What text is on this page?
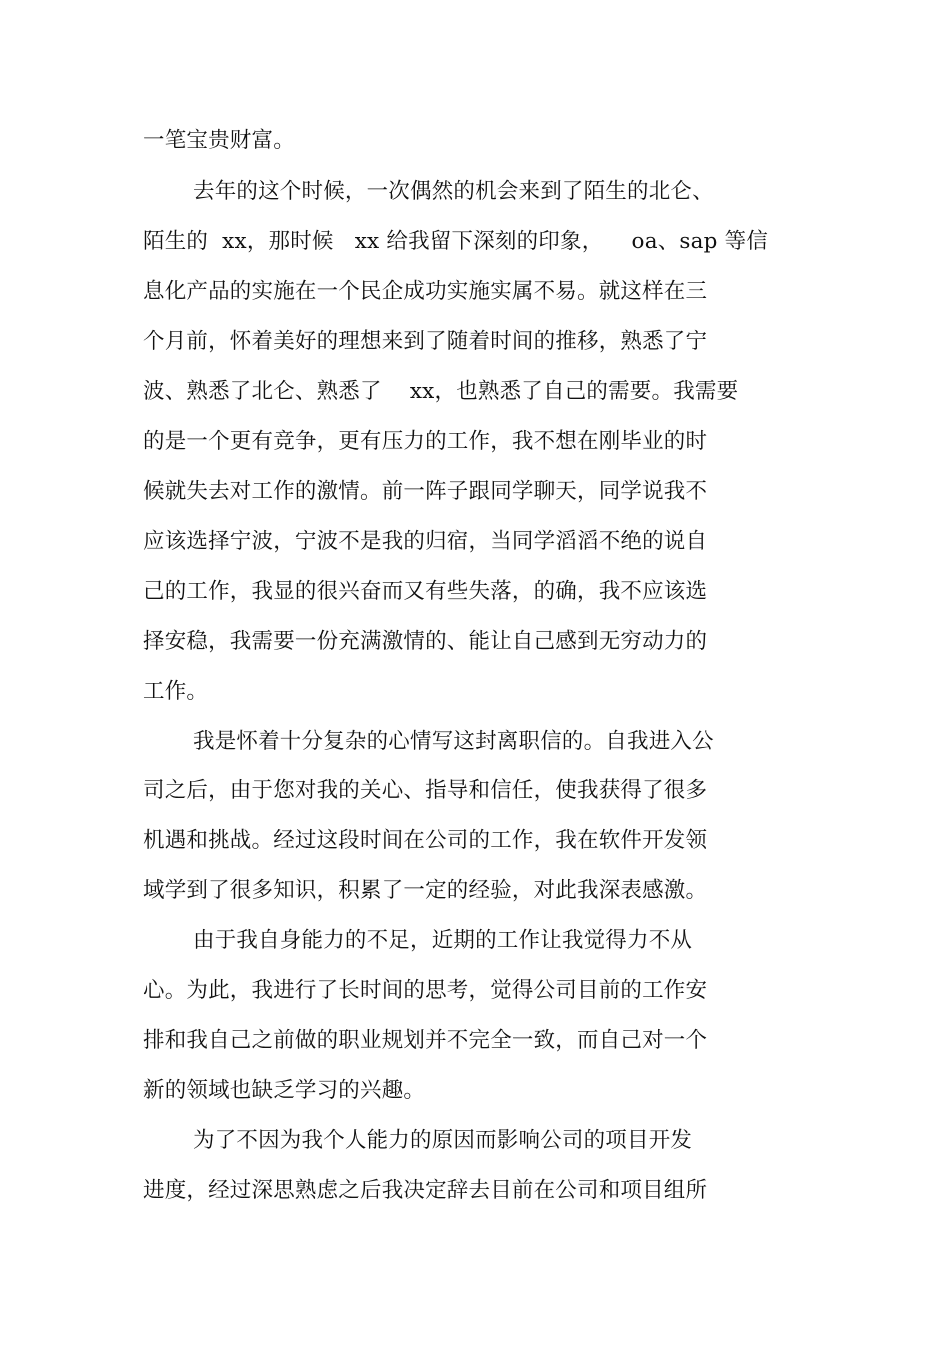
一笔宝贵财富。
去年的这个时候，一次偶然的机会来到了陌生的北仑、
陌生的  xx，那时候   xx 给我留下深刻的印象，    oa、sap 等信
息化产品的实施在一个民企成功实施实属不易。就这样在三
个月前，怀着美好的理想来到了随着时间的推移，熟悉了宁
波、熟悉了北仑、熟悉了    xx，也熟悉了自己的需要。我需要
的是一个更有竞争，更有压力的工作，我不想在刚毕业的时
候就失去对工作的激情。前一阵子跟同学聊天，同学说我不
应该选择宁波，宁波不是我的归宿，当同学滔滔不绝的说自
己的工作，我显的很兴奋而又有些失落，的确，我不应该选
择安稳，我需要一份充满激情的、能让自己感到无穷动力的
工作。
我是怀着十分复杂的心情写这封离职信的。自我进入公
司之后，由于您对我的关心、指导和信任，使我获得了很多
机遇和挑战。经过这段时间在公司的工作，我在软件开发领
域学到了很多知识，积累了一定的经验，对此我深表感激。
由于我自身能力的不足，近期的工作让我觉得力不从
心。为此，我进行了长时间的思考，觉得公司目前的工作安
排和我自己之前做的职业规划并不完全一致，而自己对一个
新的领域也缺乏学习的兴趣。
为了不因为我个人能力的原因而影响公司的项目开发
进度，经过深思熟虑之后我决定辞去目前在公司和项目组所
